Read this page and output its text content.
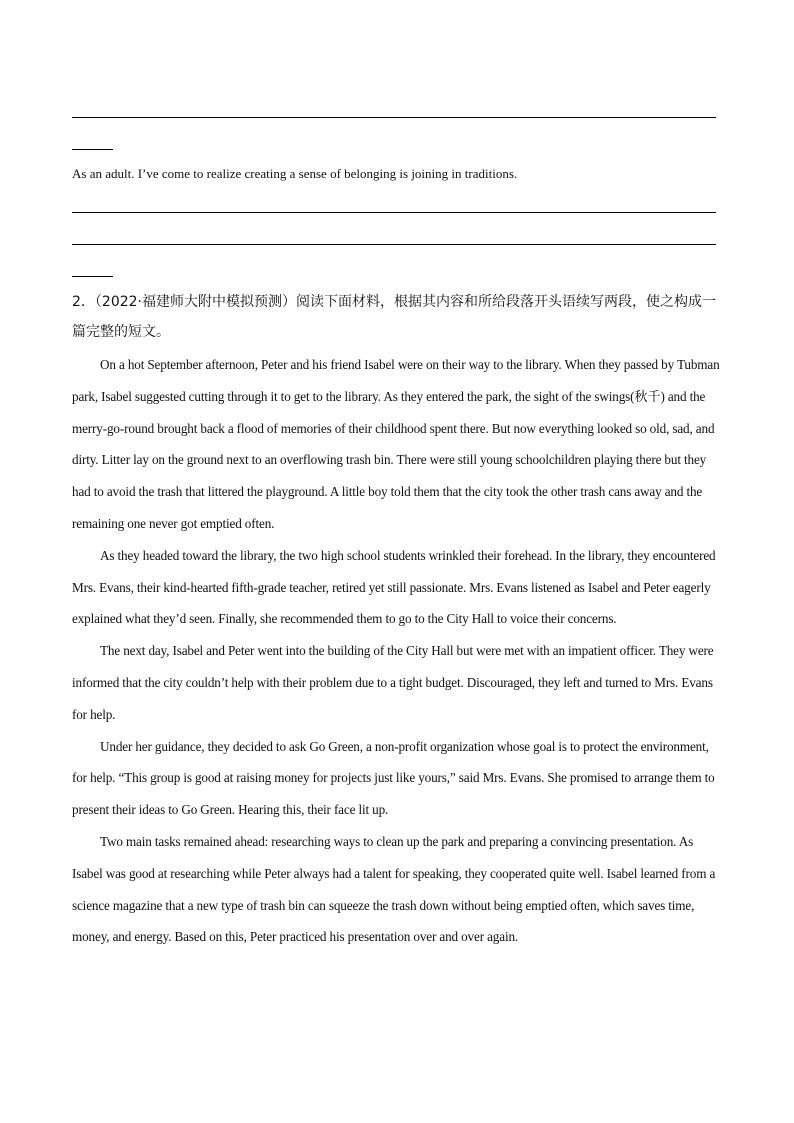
As an adult. I’ve come to realize creating a sense of belonging is joining in traditions.
2．（2022·福建师大附中模拟预测）阅读下面材料，根据其内容和所给段落开头语续写两段，使之构成一篇完整的短文。

On a hot September afternoon, Peter and his friend Isabel were on their way to the library. When they passed by Tubman park, Isabel suggested cutting through it to get to the library. As they entered the park, the sight of the swings(秋千) and the merry-go-round brought back a flood of memories of their childhood spent there. But now everything looked so old, sad, and dirty. Litter lay on the ground next to an overflowing trash bin. There were still young schoolchildren playing there but they had to avoid the trash that littered the playground. A little boy told them that the city took the other trash cans away and the remaining one never got emptied often.

As they headed toward the library, the two high school students wrinkled their forehead. In the library, they encountered Mrs. Evans, their kind-hearted fifth-grade teacher, retired yet still passionate. Mrs. Evans listened as Isabel and Peter eagerly explained what they’d seen. Finally, she recommended them to go to the City Hall to voice their concerns.

The next day, Isabel and Peter went into the building of the City Hall but were met with an impatient officer. They were informed that the city couldn’t help with their problem due to a tight budget. Discouraged, they left and turned to Mrs. Evans for help.

Under her guidance, they decided to ask Go Green, a non-profit organization whose goal is to protect the environment, for help. “This group is good at raising money for projects just like yours,” said Mrs. Evans. She promised to arrange them to present their ideas to Go Green. Hearing this, their face lit up.

Two main tasks remained ahead: researching ways to clean up the park and preparing a convincing presentation. As Isabel was good at researching while Peter always had a talent for speaking, they cooperated quite well. Isabel learned from a science magazine that a new type of trash bin can squeeze the trash down without being emptied often, which saves time, money, and energy. Based on this, Peter practiced his presentation over and over again.
